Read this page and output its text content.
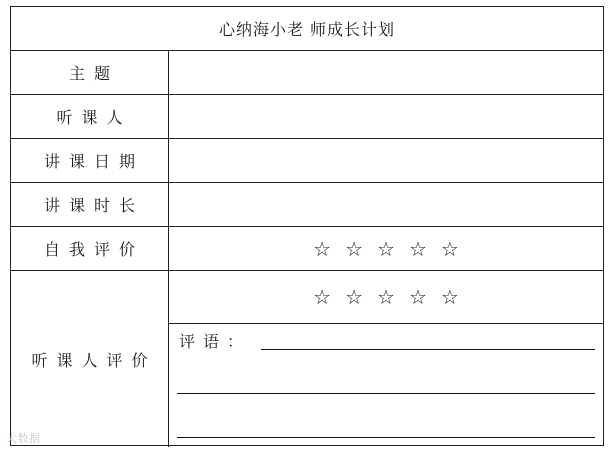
心纳海小老 师成长计划
主题
听课人
讲课日期
讲课时长
自我评价	☆ ☆ ☆ ☆ ☆
听课人评价
☆ ☆ ☆ ☆ ☆
评语：
大数据
